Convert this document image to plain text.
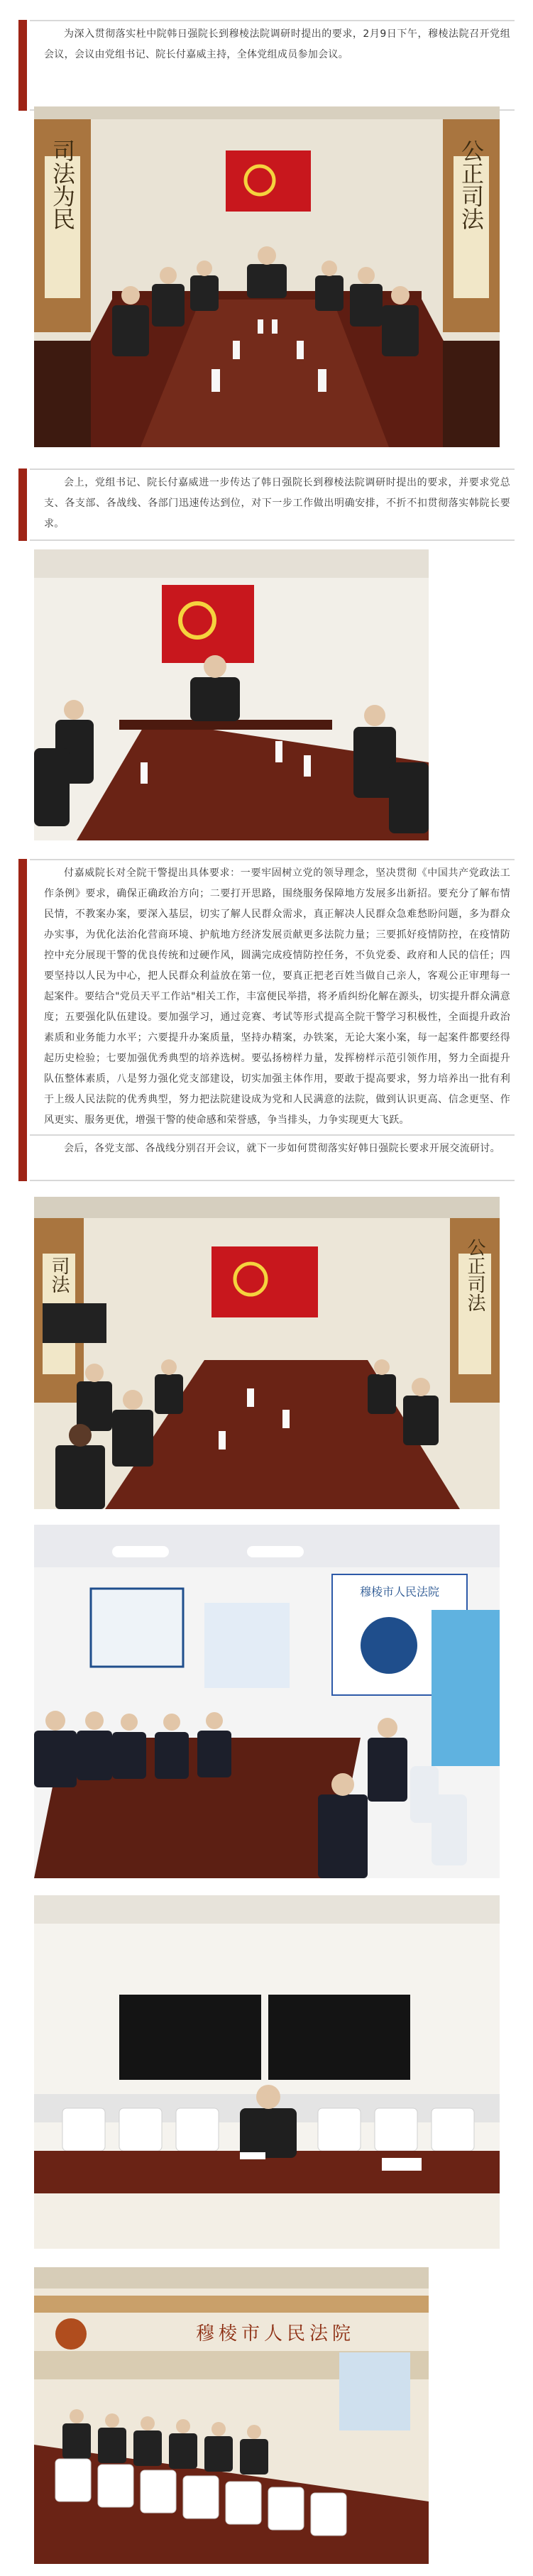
为深入贯彻落实杜中院韩日强院长到穆棱法院调研时提出的要求，2月9日下午，穆棱法院召开党组会议，会议由党组书记、院长付嘉威主持，全体党组成员参加会议。

司法为民	公正司法

会上，党组书记、院长付嘉威进一步传达了韩日强院长到穆棱法院调研时提出的要求，并要求党总支、各支部、各战线、各部门迅速传达到位，对下一步工作做出明确安排，不折不扣贯彻落实韩院长要求。

付嘉威院长对全院干警提出具体要求：一要牢固树立党的领导理念，坚决贯彻《中国共产党政法工作条例》要求，确保正确政治方向；二要打开思路，围绕服务保障地方发展多出新招。要充分了解布情民情，不教案办案，要深入基层，切实了解人民群众需求，真正解决人民群众急难愁盼问题，多为群众办实事，为优化法治化营商环境、护航地方经济发展贡献更多法院力量；三要抓好疫情防控，在疫情防控中充分展现干警的优良传统和过硬作风，圆满完成疫情防控任务，不负党委、政府和人民的信任；四要坚持以人民为中心，把人民群众利益放在第一位，要真正把老百姓当做自己亲人，客观公正审理每一起案件。要结合"党员天平工作站"相关工作，丰富便民举措，将矛盾纠纷化解在源头，切实提升群众满意度；五要强化队伍建设。要加强学习，通过竞赛、考试等形式提高全院干警学习积极性，全面提升政治素质和业务能力水平；六要提升办案质量，坚持办精案，办铁案，无论大案小案，每一起案件都要经得起历史检验；七要加强优秀典型的培养选树。要弘扬榜样力量，发挥榜样示范引领作用，努力全面提升队伍整体素质，八是努力强化党支部建设，切实加强主体作用，要敢于提高要求，努力培养出一批有利于上级人民法院的优秀典型，努力把法院建设成为党和人民满意的法院，做到认识更高、信念更坚、作风更实、服务更优，增强干警的使命感和荣誉感，争当排头，力争实现更大飞跃。

会后，各党支部、各战线分别召开会议，就下一步如何贯彻落实好韩日强院长要求开展交流研讨。

司法	公正司法
穆棱市人民法院
穆棱市人民法院
